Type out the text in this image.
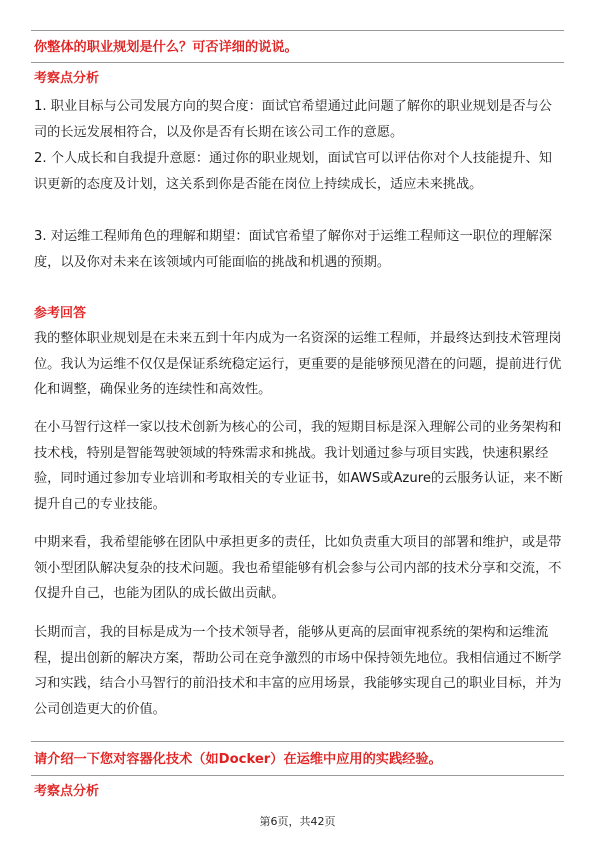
你整体的职业规划是什么？可否详细的说说。
考察点分析
1. 职业目标与公司发展方向的契合度：面试官希望通过此问题了解你的职业规划是否与公司的长远发展相符合，以及你是否有长期在该公司工作的意愿。
2. 个人成长和自我提升意愿：通过你的职业规划，面试官可以评估你对个人技能提升、知识更新的态度及计划，这关系到你是否能在岗位上持续成长，适应未来挑战。
3. 对运维工程师角色的理解和期望：面试官希望了解你对于运维工程师这一职位的理解深度，以及你对未来在该领域内可能面临的挑战和机遇的预期。
参考回答
我的整体职业规划是在未来五到十年内成为一名资深的运维工程师，并最终达到技术管理岗位。我认为运维不仅仅是保证系统稳定运行，更重要的是能够预见潜在的问题，提前进行优化和调整，确保业务的连续性和高效性。
在小马智行这样一家以技术创新为核心的公司，我的短期目标是深入理解公司的业务架构和技术栈，特别是智能驾驶领域的特殊需求和挑战。我计划通过参与项目实践，快速积累经验，同时通过参加专业培训和考取相关的专业证书，如AWS或Azure的云服务认证，来不断提升自己的专业技能。
中期来看，我希望能够在团队中承担更多的责任，比如负责重大项目的部署和维护，或是带领小型团队解决复杂的技术问题。我也希望能够有机会参与公司内部的技术分享和交流，不仅提升自己，也能为团队的成长做出贡献。
长期而言，我的目标是成为一个技术领导者，能够从更高的层面审视系统的架构和运维流程，提出创新的解决方案，帮助公司在竞争激烈的市场中保持领先地位。我相信通过不断学习和实践，结合小马智行的前沿技术和丰富的应用场景，我能够实现自己的职业目标，并为公司创造更大的价值。
请介绍一下您对容器化技术（如Docker）在运维中应用的实践经验。
考察点分析
第6页，共42页
